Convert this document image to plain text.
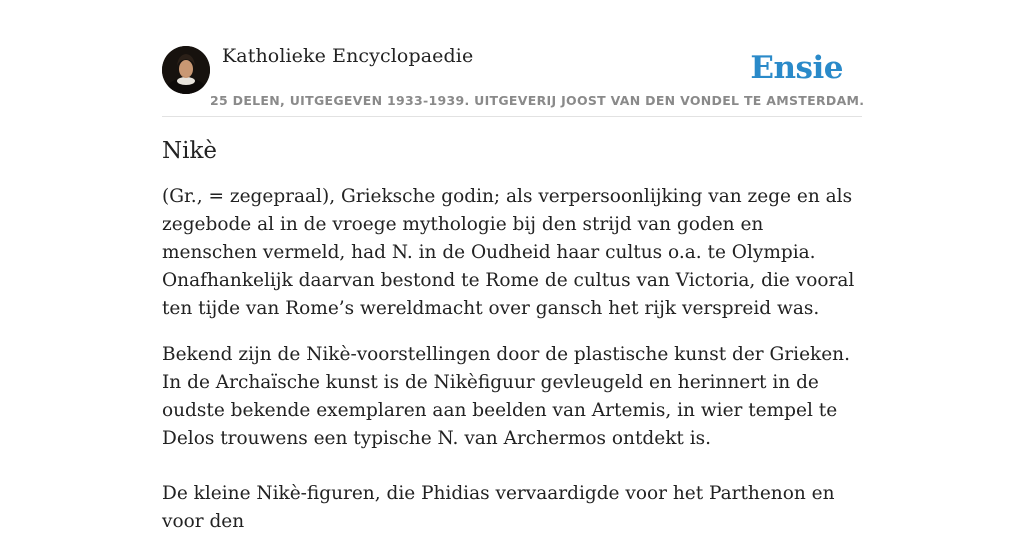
Katholieke Encyclopaedie	Ensie
25 DELEN, UITGEGEVEN 1933-1939. UITGEVERIJ JOOST VAN DEN VONDEL TE AMSTERDAM.
Nikè

(Gr., = zegepraal), Grieksche godin; als verpersoonlijking van zege en als zegebode al in de vroege mythologie bij den strijd van goden en menschen vermeld, had N. in de Oudheid haar cultus o.a. te Olympia. Onafhankelijk daarvan bestond te Rome de cultus van Victoria, die vooral ten tijde van Rome’s wereldmacht over gansch het rijk verspreid was.

Bekend zijn de Nikè-voorstellingen door de plastische kunst der Grieken. In de Archaïsche kunst is de Nikèfiguur gevleugeld en herinnert in de oudste bekende exemplaren aan beelden van Artemis, in wier tempel te Delos trouwens een typische N. van Archermos ontdekt is.

De kleine Nikè-figuren, die Phidias vervaardigde voor het Parthenon en voor den
